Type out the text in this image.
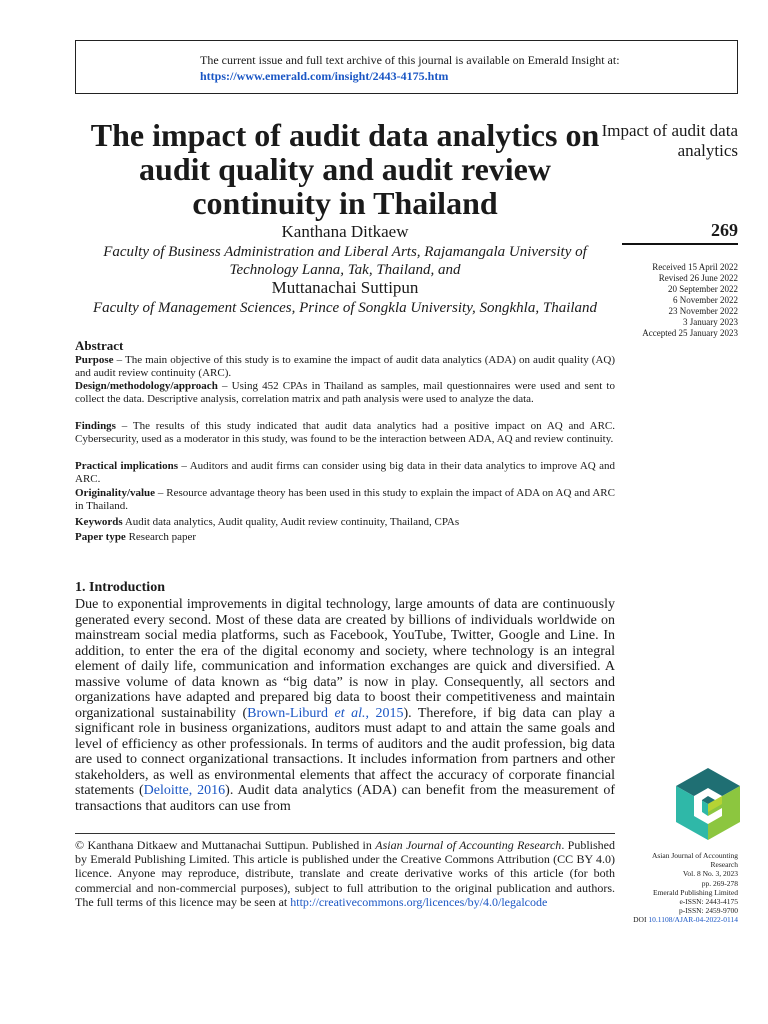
The current issue and full text archive of this journal is available on Emerald Insight at:
https://www.emerald.com/insight/2443-4175.htm
The impact of audit data analytics on audit quality and audit review continuity in Thailand
Impact of audit data analytics
269
Received 15 April 2022
Revised 26 June 2022
20 September 2022
6 November 2022
23 November 2022
3 January 2023
Accepted 25 January 2023
Kanthana Ditkaew
Faculty of Business Administration and Liberal Arts, Rajamangala University of Technology Lanna, Tak, Thailand, and
Muttanachai Suttipun
Faculty of Management Sciences, Prince of Songkla University, Songkhla, Thailand
Abstract
Purpose – The main objective of this study is to examine the impact of audit data analytics (ADA) on audit quality (AQ) and audit review continuity (ARC).
Design/methodology/approach – Using 452 CPAs in Thailand as samples, mail questionnaires were used and sent to collect the data. Descriptive analysis, correlation matrix and path analysis were used to analyze the data.
Findings – The results of this study indicated that audit data analytics had a positive impact on AQ and ARC. Cybersecurity, used as a moderator in this study, was found to be the interaction between ADA, AQ and review continuity.
Practical implications – Auditors and audit firms can consider using big data in their data analytics to improve AQ and ARC.
Originality/value – Resource advantage theory has been used in this study to explain the impact of ADA on AQ and ARC in Thailand.
Keywords Audit data analytics, Audit quality, Audit review continuity, Thailand, CPAs
Paper type Research paper
1. Introduction
Due to exponential improvements in digital technology, large amounts of data are continuously generated every second. Most of these data are created by billions of individuals worldwide on mainstream social media platforms, such as Facebook, YouTube, Twitter, Google and Line. In addition, to enter the era of the digital economy and society, where technology is an integral element of daily life, communication and information exchanges are quick and diversified. A massive volume of data known as “big data” is now in play. Consequently, all sectors and organizations have adapted and prepared big data to boost their competitiveness and maintain organizational sustainability (Brown-Liburd et al., 2015). Therefore, if big data can play a significant role in business organizations, auditors must adapt to and attain the same goals and level of efficiency as other professionals. In terms of auditors and the audit profession, big data are used to connect organizational transactions. It includes information from partners and other stakeholders, as well as environmental elements that affect the accuracy of corporate financial statements (Deloitte, 2016). Audit data analytics (ADA) can benefit from the measurement of transactions that auditors can use from
© Kanthana Ditkaew and Muttanachai Suttipun. Published in Asian Journal of Accounting Research. Published by Emerald Publishing Limited. This article is published under the Creative Commons Attribution (CC BY 4.0) licence. Anyone may reproduce, distribute, translate and create derivative works of this article (for both commercial and non-commercial purposes), subject to full attribution to the original publication and authors. The full terms of this licence may be seen at http://creativecommons.org/licences/by/4.0/legalcode
Asian Journal of Accounting
Research
Vol. 8 No. 3, 2023
pp. 269-278
Emerald Publishing Limited
e-ISSN: 2443-4175
p-ISSN: 2459-9700
DOI 10.1108/AJAR-04-2022-0114
